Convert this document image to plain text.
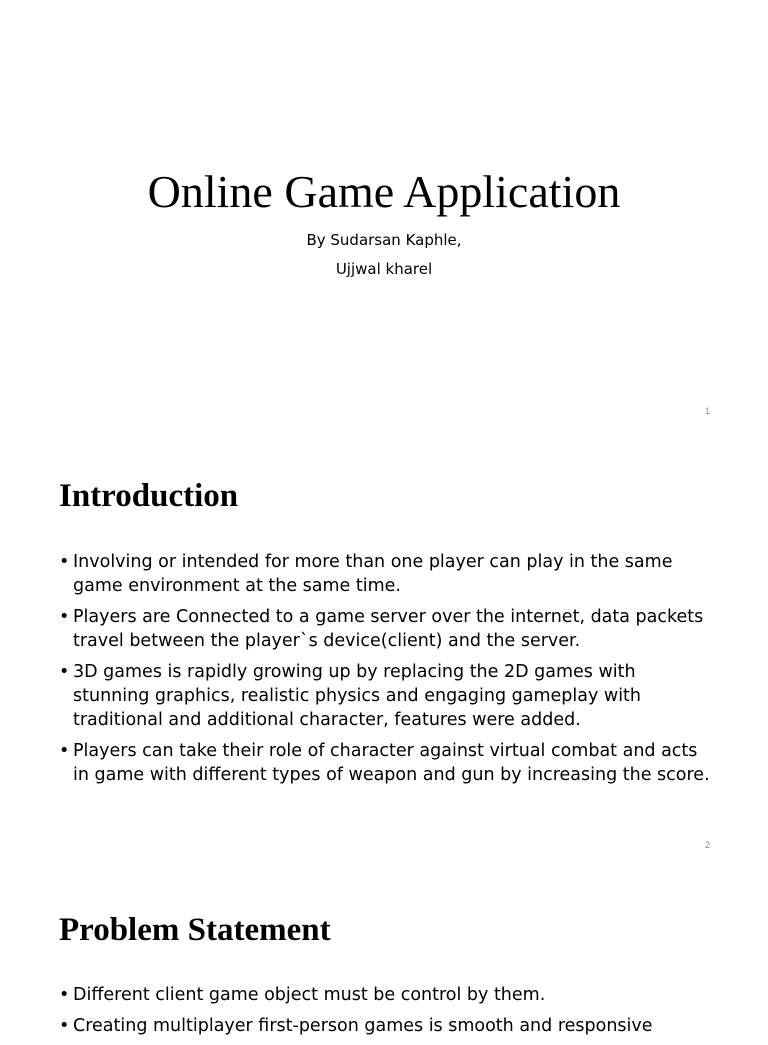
Online Game Application
By Sudarsan Kaphle,
Ujjwal kharel
1
Introduction
• Involving or intended for more than one player can play in the same game environment at the same time.
• Players are Connected to a game server over the internet, data packets travel between the player`s device(client) and the server.
• 3D games is rapidly growing up by replacing the 2D games with stunning graphics, realistic physics and engaging gameplay with traditional and additional character, features were added.
• Players can take their role of character against virtual combat and acts in game with different types of weapon and gun by increasing the score.
2
Problem Statement
• Different client game object must be control by them.
• Creating multiplayer first-person games is smooth and responsive
